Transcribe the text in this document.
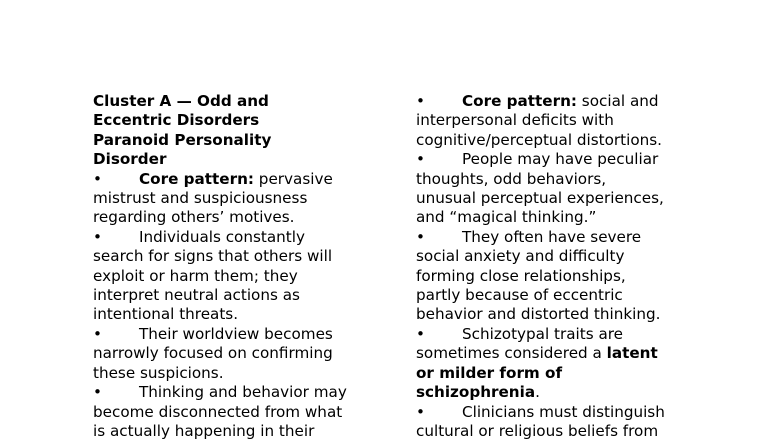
Cluster A — Odd and

Eccentric Disorders

Paranoid Personality

Disorder

• Core pattern: pervasive

mistrust and suspiciousness

regarding others’ motives.

• Individuals constantly

search for signs that others will

exploit or harm them; they

interpret neutral actions as

intentional threats.

• Their worldview becomes

narrowly focused on confirming

these suspicions.

• Thinking and behavior may

become disconnected from what

is actually happening in their

• Core pattern: social and

interpersonal deficits with

cognitive/perceptual distortions.

• People may have peculiar

thoughts, odd behaviors,

unusual perceptual experiences,

and “magical thinking.”

• They often have severe

social anxiety and difficulty

forming close relationships,

partly because of eccentric

behavior and distorted thinking.

• Schizotypal traits are

sometimes considered a latent

or milder form of

schizophrenia.

• Clinicians must distinguish

cultural or religious beliefs from
